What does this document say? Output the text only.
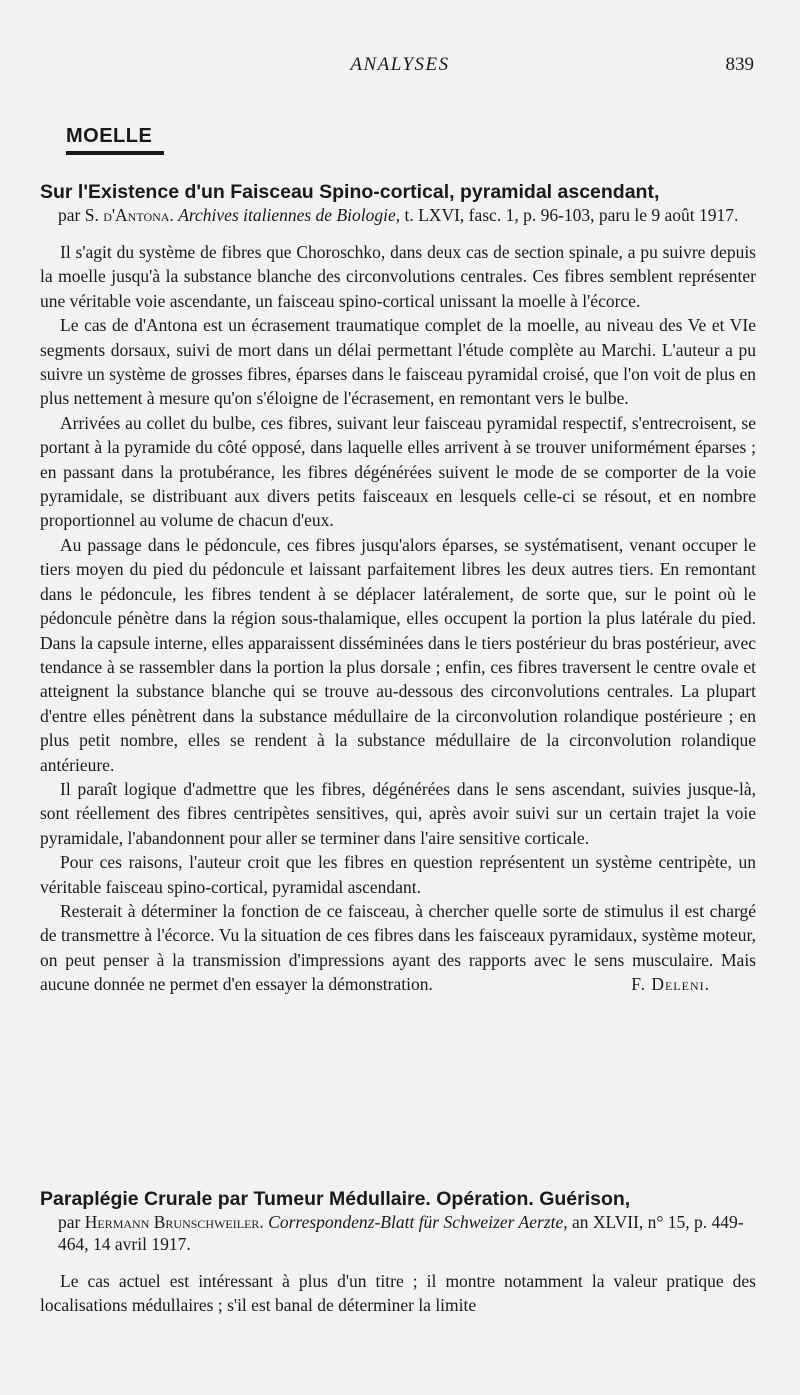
ANALYSES	839
MOELLE
Sur l'Existence d'un Faisceau Spino-cortical, pyramidal ascendant,

par S. d'Antona. Archives italiennes de Biologie, t. LXVI, fasc. 1, p. 96-103, paru le 9 août 1917.

Il s'agit du système de fibres que Choroschko, dans deux cas de section spinale, a pu suivre depuis la moelle jusqu'à la substance blanche des circonvolutions centrales. Ces fibres semblent représenter une véritable voie ascendante, un faisceau spino-cortical unissant la moelle à l'écorce.

Le cas de d'Antona est un écrasement traumatique complet de la moelle, au niveau des Ve et VIe segments dorsaux, suivi de mort dans un délai permettant l'étude complète au Marchi. L'auteur a pu suivre un système de grosses fibres, éparses dans le faisceau pyramidal croisé, que l'on voit de plus en plus nettement à mesure qu'on s'éloigne de l'écrasement, en remontant vers le bulbe.

Arrivées au collet du bulbe, ces fibres, suivant leur faisceau pyramidal respectif, s'entrecroisent, se portant à la pyramide du côté opposé, dans laquelle elles arrivent à se trouver uniformément éparses ; en passant dans la protubérance, les fibres dégénérées suivent le mode de se comporter de la voie pyramidale, se distribuant aux divers petits faisceaux en lesquels celle-ci se résout, et en nombre proportionnel au volume de chacun d'eux.

Au passage dans le pédoncule, ces fibres jusqu'alors éparses, se systématisent, venant occuper le tiers moyen du pied du pédoncule et laissant parfaitement libres les deux autres tiers. En remontant dans le pédoncule, les fibres tendent à se déplacer latéralement, de sorte que, sur le point où le pédoncule pénètre dans la région sous-thalamique, elles occupent la portion la plus latérale du pied. Dans la capsule interne, elles apparaissent disséminées dans le tiers postérieur du bras postérieur, avec tendance à se rassembler dans la portion la plus dorsale ; enfin, ces fibres traversent le centre ovale et atteignent la substance blanche qui se trouve au-dessous des circonvolutions centrales. La plupart d'entre elles pénètrent dans la substance médullaire de la circonvolution rolandique postérieure ; en plus petit nombre, elles se rendent à la substance médullaire de la circonvolution rolandique antérieure.

Il paraît logique d'admettre que les fibres, dégénérées dans le sens ascendant, suivies jusque-là, sont réellement des fibres centripètes sensitives, qui, après avoir suivi sur un certain trajet la voie pyramidale, l'abandonnent pour aller se terminer dans l'aire sensitive corticale.

Pour ces raisons, l'auteur croit que les fibres en question représentent un système centripète, un véritable faisceau spino-cortical, pyramidal ascendant.

Resterait à déterminer la fonction de ce faisceau, à chercher quelle sorte de stimulus il est chargé de transmettre à l'écorce. Vu la situation de ces fibres dans les faisceaux pyramidaux, système moteur, on peut penser à la transmission d'impressions ayant des rapports avec le sens musculaire. Mais aucune donnée ne permet d'en essayer la démonstration.	F. Deleni.

Paraplégie Crurale par Tumeur Médullaire. Opération. Guérison,

par Hermann Brunschweiler. Correspondenz-Blatt für Schweizer Aerzte, an XLVII, n° 15, p. 449-464, 14 avril 1917.

Le cas actuel est intéressant à plus d'un titre ; il montre notamment la valeur pratique des localisations médullaires ; s'il est banal de déterminer la limite
